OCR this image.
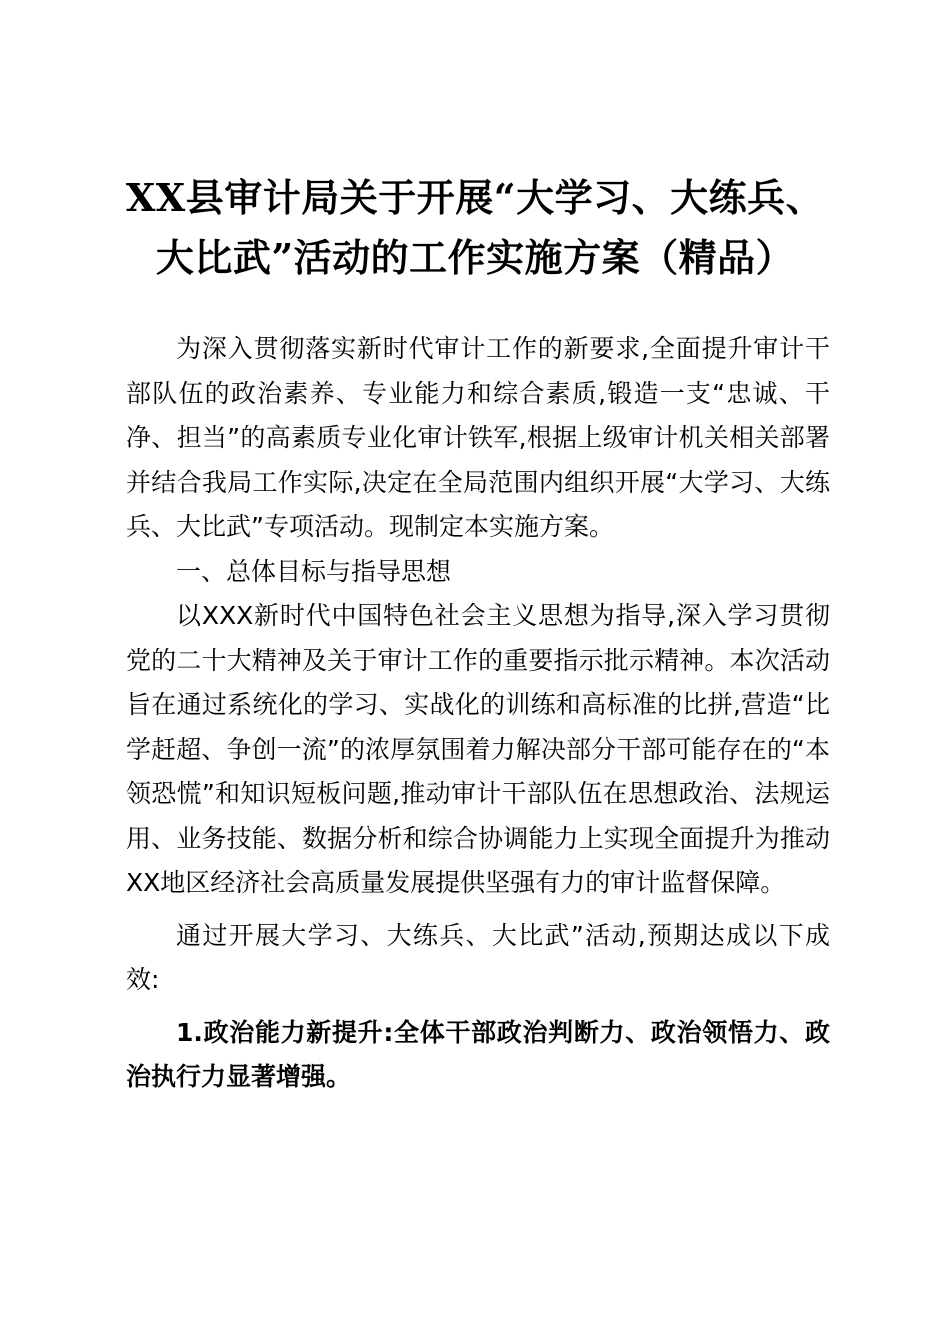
XX县审计局关于开展“大学习、大练兵、大比武”活动的工作实施方案（精品）

为深入贯彻落实新时代审计工作的新要求,全面提升审计干部队伍的政治素养、专业能力和综合素质,锻造一支“忠诚、干净、担当”的高素质专业化审计铁军,根据上级审计机关相关部署并结合我局工作实际,决定在全局范围内组织开展“大学习、大练兵、大比武”专项活动。现制定本实施方案。

一、总体目标与指导思想

以XXX新时代中国特色社会主义思想为指导,深入学习贯彻党的二十大精神及关于审计工作的重要指示批示精神。本次活动旨在通过系统化的学习、实战化的训练和高标准的比拼,营造“比学赶超、争创一流”的浓厚氛围着力解决部分干部可能存在的“本领恐慌”和知识短板问题,推动审计干部队伍在思想政治、法规运用、业务技能、数据分析和综合协调能力上实现全面提升为推动XX地区经济社会高质量发展提供坚强有力的审计监督保障。

通过开展大学习、大练兵、大比武”活动,预期达成以下成效:

1.政治能力新提升:全体干部政治判断力、政治领悟力、政治执行力显著增强。
